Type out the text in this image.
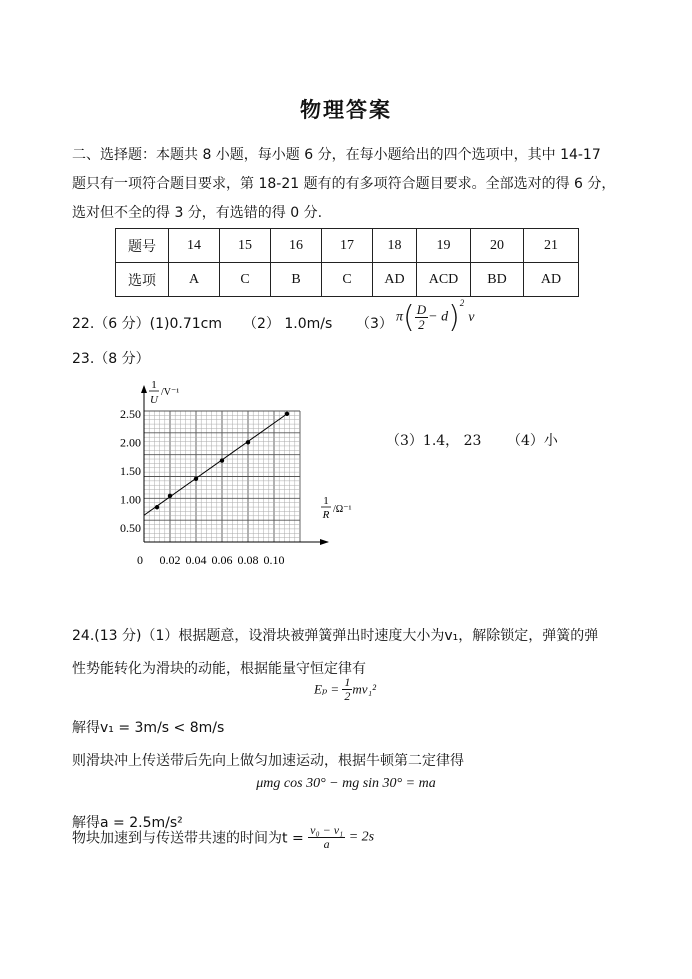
物理答案
二、选择题：本题共 8 小题，每小题 6 分，在每小题给出的四个选项中，其中 14-17
题只有一项符合题目要求，第 18-21 题有的有多项符合题目要求。全部选对的得 6 分，
选对但不全的得 3 分，有选错的得 0 分.
题号	14	15	16	17	18	19	20	21
选项	A	C	B	C	AD	ACD	BD	AD
22.（6 分）(1)0.71cm （2） 1.0m/s （3） $\pi( \frac{D}{2} - d)^2v$
23.（8 分）
0.50
1.00
1.50
2.00
2.50
0 0.02 0.04 0.06 0.08 0.10
1
U
/V⁻¹
1
R /Ω⁻¹
（3）1.4， 23 （4）小
24.(13 分)（1）根据题意，设滑块被弹簧弹出时速度大小为v₁，解除锁定，弹簧的弹
性势能转化为滑块的动能，根据能量守恒定律有
$E_p = \frac{1}{2} mv_1^2$
解得v₁ = 3m/s < 8m/s
则滑块冲上传送带后先向上做匀加速运动，根据牛顿第二定律得
μmg cos 30° − mg sin 30° = ma
解得a = 2.5m/s²
物块加速到与传送带共速的时间为$t = \frac{\text{v₀ − v₁}}{a} = 2s$
